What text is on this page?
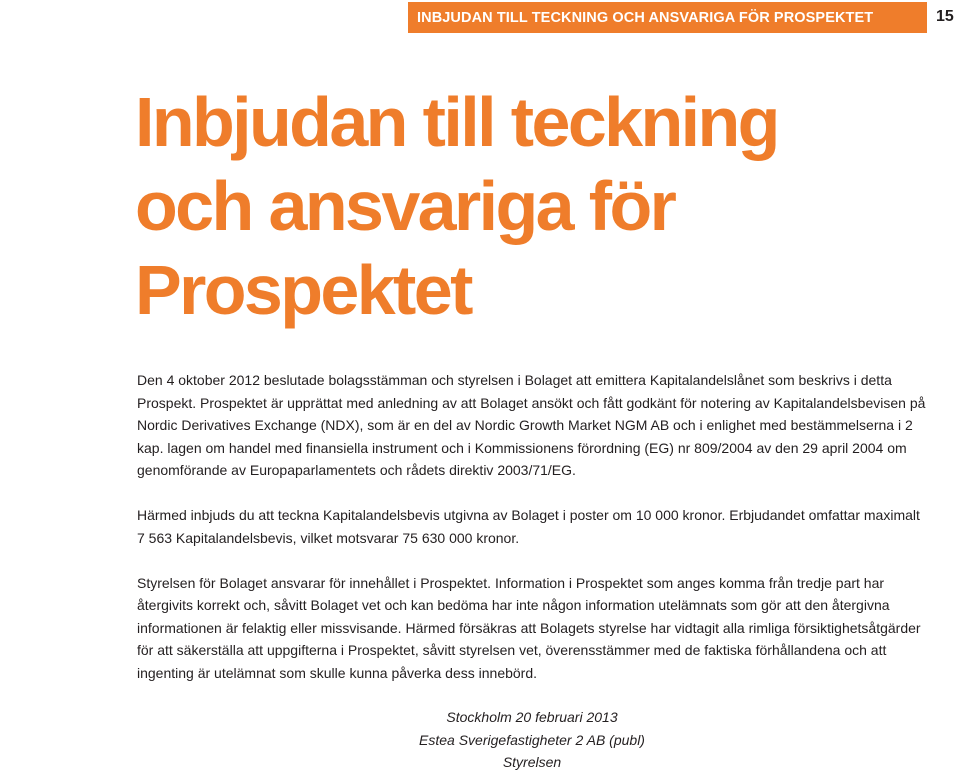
INBJUDAN TILL TECKNING OCH ANSVARIGA FÖR PROSPEKTET	15
Inbjudan till teckning
och ansvariga för
Prospektet

Den 4 oktober 2012 beslutade bolagsstämman och styrelsen i Bolaget att emittera Kapitalandelslånet som beskrivs i detta Prospekt. Prospektet är upprättat med anledning av att Bolaget ansökt och fått godkänt för notering av Kapitalandelsbevisen på Nordic Derivatives Exchange (NDX), som är en del av Nordic Growth Market NGM AB och i enlighet med bestämmelserna i 2 kap. lagen om handel med finansiella instrument och i Kommissionens förordning (EG) nr 809/2004 av den 29 april 2004 om genomförande av Europaparlamentets och rådets direktiv 2003/71/EG.

Härmed inbjuds du att teckna Kapitalandelsbevis utgivna av Bolaget i poster om 10 000 kronor. Erbjudandet omfattar maximalt 7 563 Kapitalandelsbevis, vilket motsvarar 75 630 000 kronor.

Styrelsen för Bolaget ansvarar för innehållet i Prospektet. Information i Prospektet som anges komma från tredje part har återgivits korrekt och, såvitt Bolaget vet och kan bedöma har inte någon information utelämnats som gör att den återgivna informationen är felaktig eller missvisande. Härmed försäkras att Bolagets styrelse har vidtagit alla rimliga försiktighetsåtgärder för att säkerställa att uppgifterna i Prospektet, såvitt styrelsen vet, överensstämmer med de faktiska förhållandena och att ingenting är utelämnat som skulle kunna påverka dess innebörd.

Stockholm 20 februari 2013
Estea Sverigefastigheter 2 AB (publ)
Styrelsen
